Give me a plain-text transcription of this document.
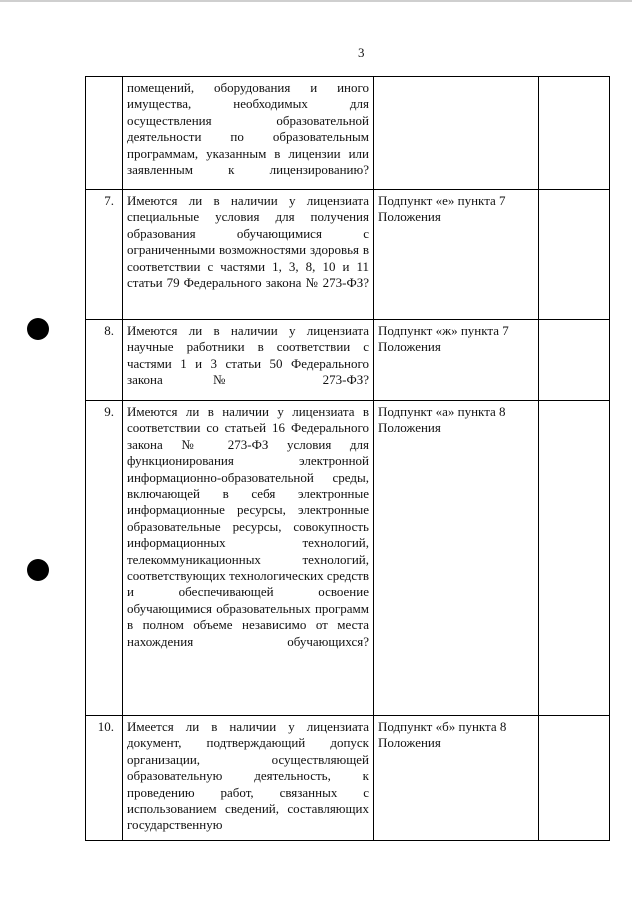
3
	помещений, оборудования и иного имущества, необходимых для осуществления образовательной деятельности по образовательным программам, указанным в лицензии или заявленным к лицензированию?		
7.	Имеются ли в наличии у лицензиата специальные условия для получения образования обучающимися с ограниченными возможностями здоровья в соответствии с частями 1, 3, 8, 10 и 11 статьи 79 Федерального закона № 273-ФЗ?	Подпункт «е» пункта 7 Положения	
8.	Имеются ли в наличии у лицензиата научные работники в соответствии с частями 1 и 3 статьи 50 Федерального закона № 273-ФЗ?	Подпункт «ж» пункта 7 Положения	
9.	Имеются ли в наличии у лицензиата в соответствии со статьей 16 Федерального закона № 273-ФЗ условия для функционирования электронной информационно-образовательной среды, включающей в себя электронные информационные ресурсы, электронные образовательные ресурсы, совокупность информационных технологий, телекоммуникационных технологий, соответствующих технологических средств и обеспечивающей освоение обучающимися образовательных программ в полном объеме независимо от места нахождения обучающихся?	Подпункт «а» пункта 8 Положения	
10.	Имеется ли в наличии у лицензиата документ, подтверждающий допуск организации, осуществляющей образовательную деятельность, к проведению работ, связанных с использованием сведений, составляющих государственную	Подпункт «б» пункта 8 Положения	
